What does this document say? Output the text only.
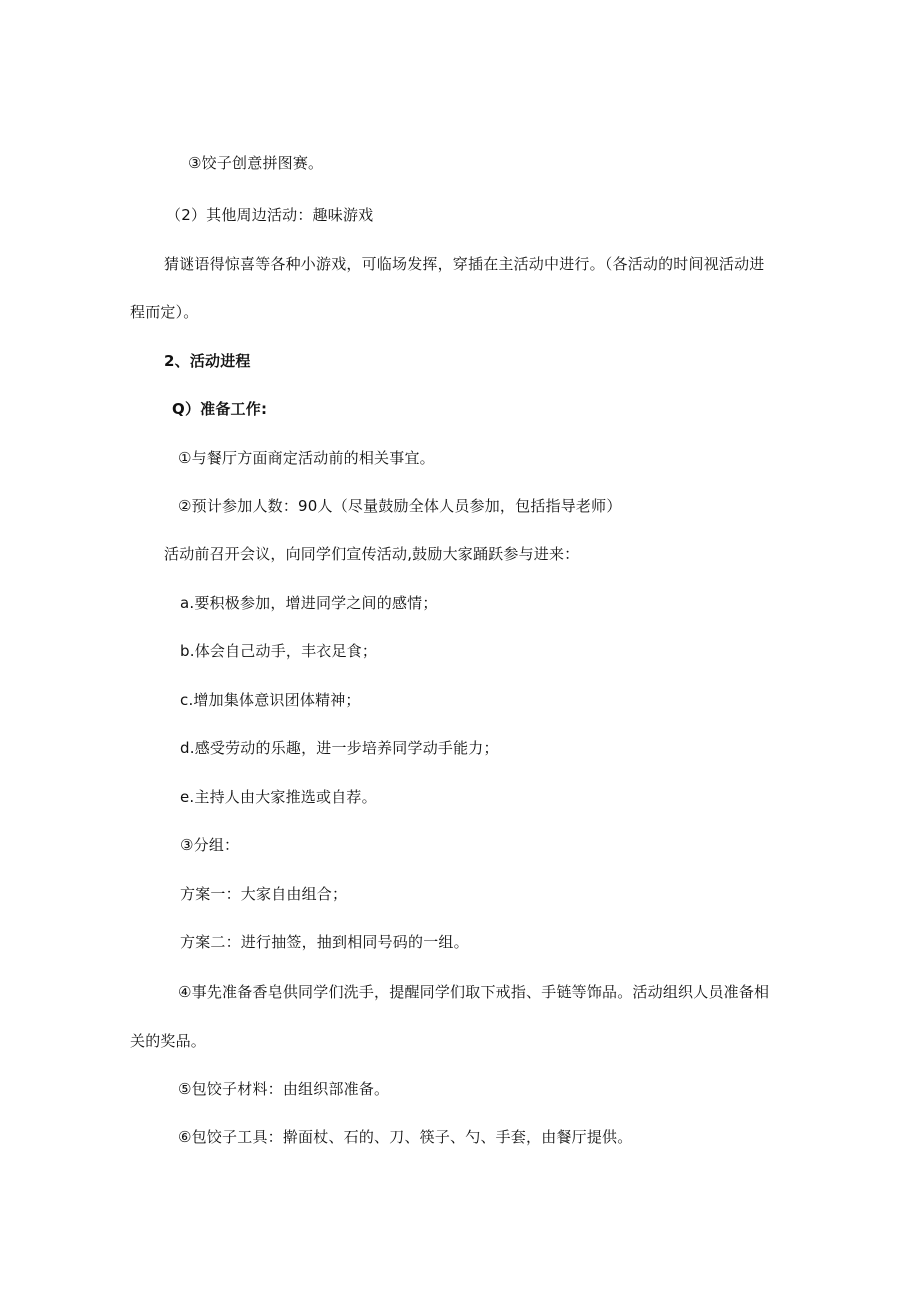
③饺子创意拼图赛。
（2）其他周边活动：趣味游戏
猜谜语得惊喜等各种小游戏，可临场发挥，穿插在主活动中进行。（各活动的时间视活动进
程而定）。
2、活动进程
Q）准备工作:
①与餐厅方面商定活动前的相关事宜。
②预计参加人数：90人（尽量鼓励全体人员参加，包括指导老师）
活动前召开会议，向同学们宣传活动,鼓励大家踊跃参与进来：
a.要积极参加，增进同学之间的感情；
b.体会自己动手，丰衣足食；
c.增加集体意识团体精神；
d.感受劳动的乐趣，进一步培养同学动手能力；
e.主持人由大家推选或自荐。
③分组：
方案一：大家自由组合；
方案二：进行抽签，抽到相同号码的一组。
④事先准备香皂供同学们洗手，提醒同学们取下戒指、手链等饰品。活动组织人员准备相
关的奖品。
⑤包饺子材料：由组织部准备。
⑥包饺子工具：擀面杖、石的、刀、筷子、勺、手套，由餐厅提供。
